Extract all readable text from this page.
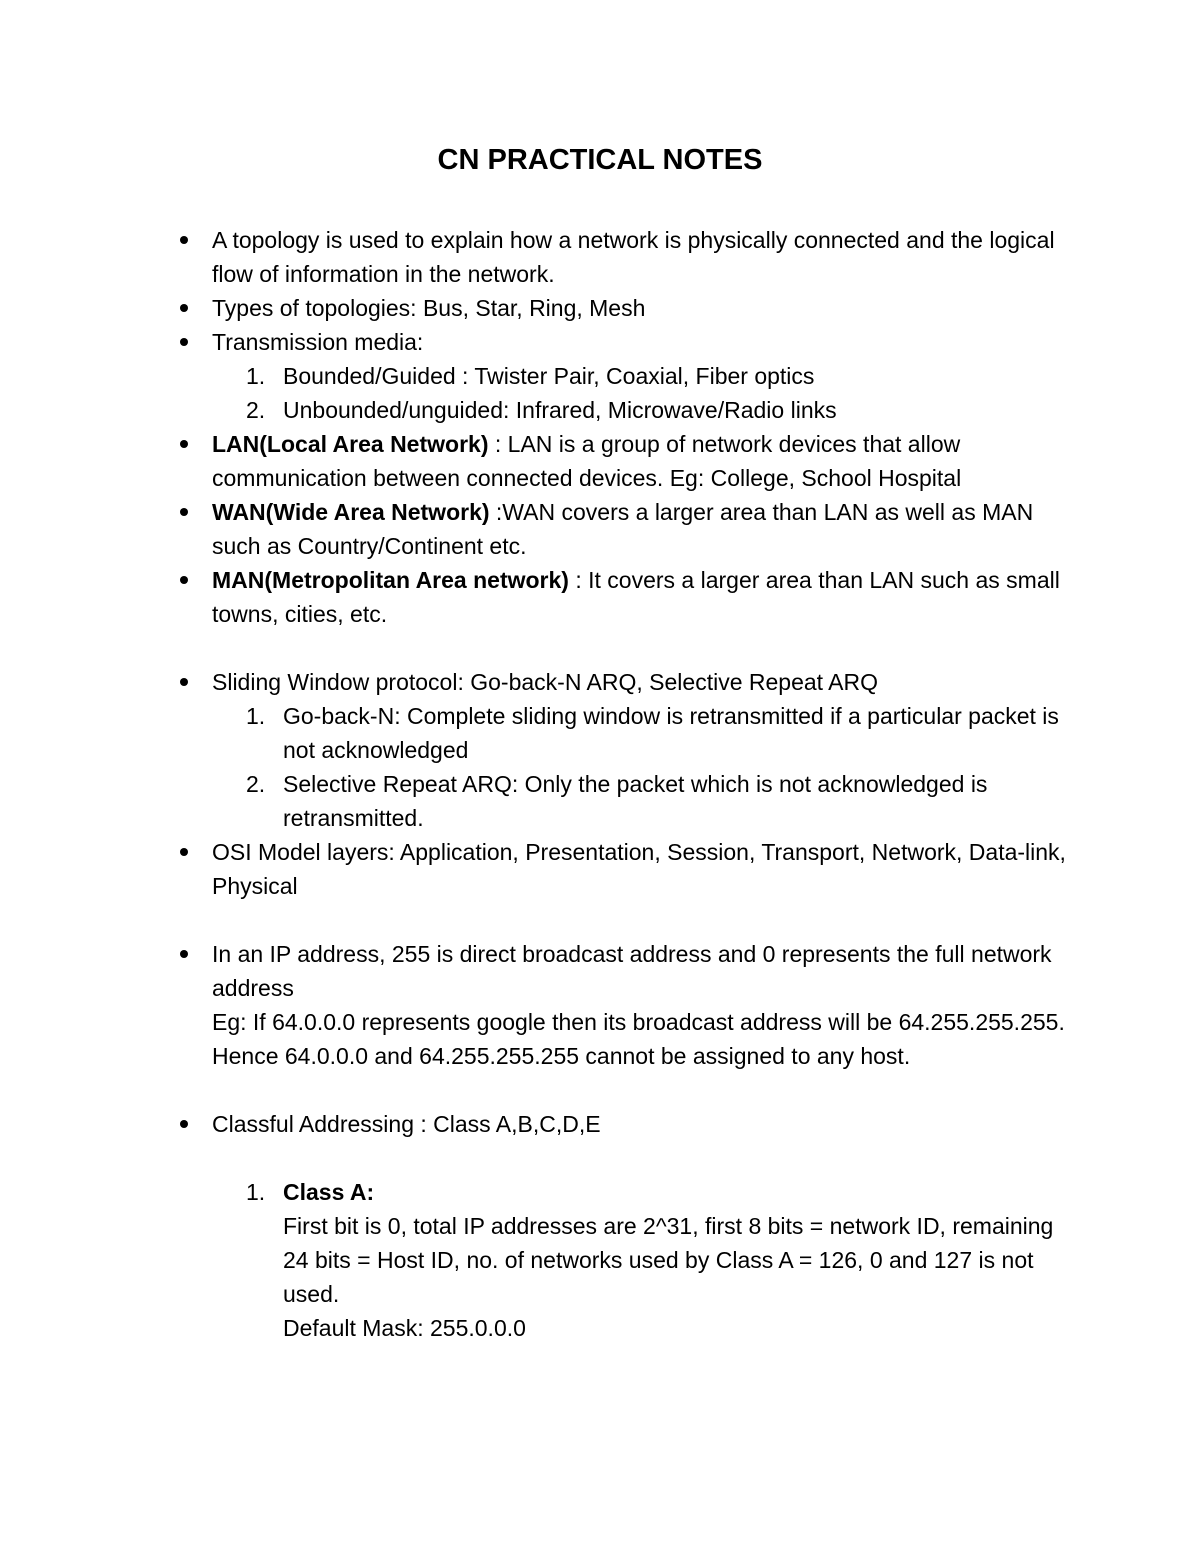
CN PRACTICAL NOTES
A topology is used to explain how a network is physically connected and the logical flow of information in the network.
Types of topologies: Bus, Star, Ring, Mesh
Transmission media:
1. Bounded/Guided : Twister Pair, Coaxial, Fiber optics
2. Unbounded/unguided: Infrared, Microwave/Radio links
LAN(Local Area Network) : LAN is a group of network devices that allow communication between connected devices. Eg: College, School Hospital
WAN(Wide Area Network) :WAN covers a larger area than LAN as well as MAN such as Country/Continent etc.
MAN(Metropolitan Area network) : It covers a larger area than LAN such as small towns, cities, etc.
Sliding Window protocol: Go-back-N ARQ, Selective Repeat ARQ
1. Go-back-N: Complete sliding window is retransmitted if a particular packet is not acknowledged
2. Selective Repeat ARQ: Only the packet which is not acknowledged is retransmitted.
OSI Model layers: Application, Presentation, Session, Transport, Network, Data-link, Physical
In an IP address, 255 is direct broadcast address and 0 represents the full network address
Eg: If 64.0.0.0 represents google then its broadcast address will be 64.255.255.255. Hence 64.0.0.0 and 64.255.255.255 cannot be assigned to any host.
Classful Addressing : Class A,B,C,D,E
1. Class A:
First bit is 0, total IP addresses are 2^31, first 8 bits = network ID, remaining 24 bits = Host ID, no. of networks used by Class A = 126, 0 and 127 is not used.
Default Mask: 255.0.0.0
